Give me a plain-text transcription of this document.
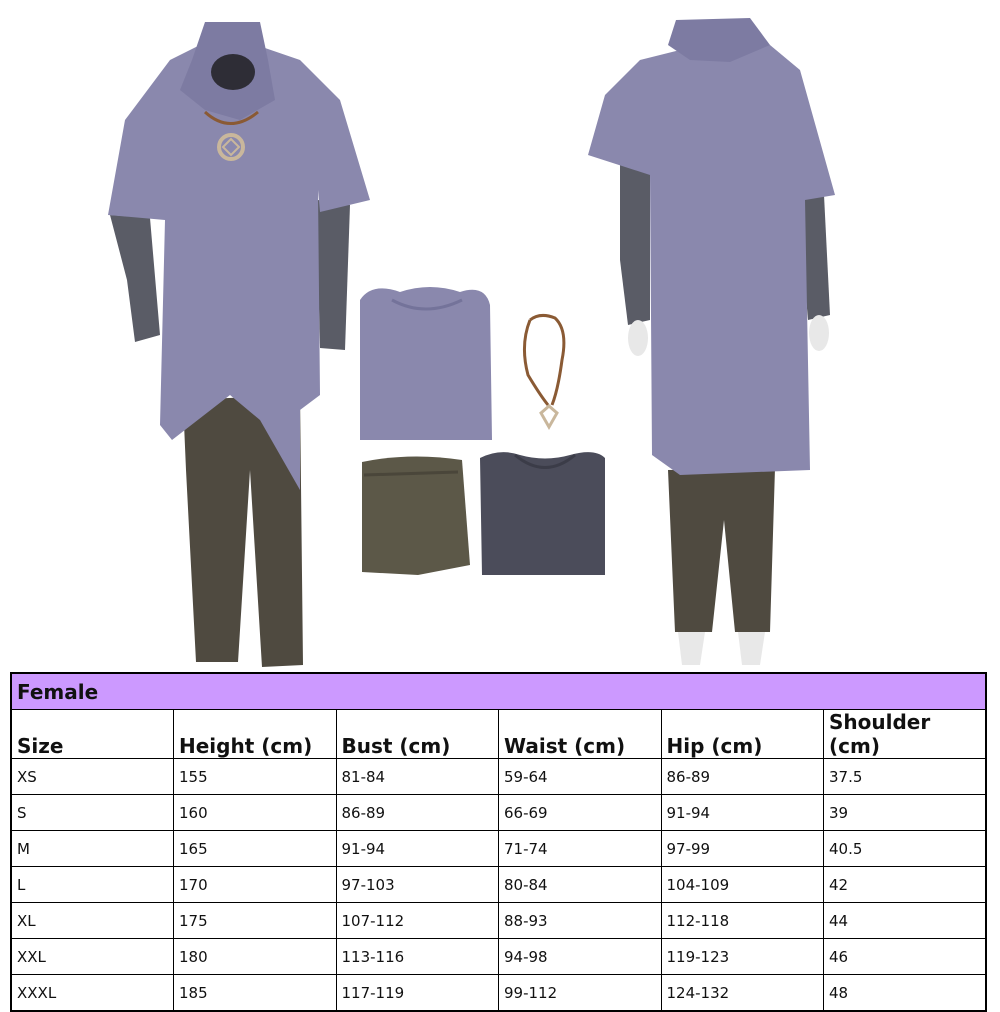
Female					
Size	Height (cm)	Bust (cm)	Waist (cm)	Hip (cm)	Shoulder (cm)
XS	155	81-84	59-64	86-89	37.5
S	160	86-89	66-69	91-94	39
M	165	91-94	71-74	97-99	40.5
L	170	97-103	80-84	104-109	42
XL	175	107-112	88-93	112-118	44
XXL	180	113-116	94-98	119-123	46
XXXL	185	117-119	99-112	124-132	48
